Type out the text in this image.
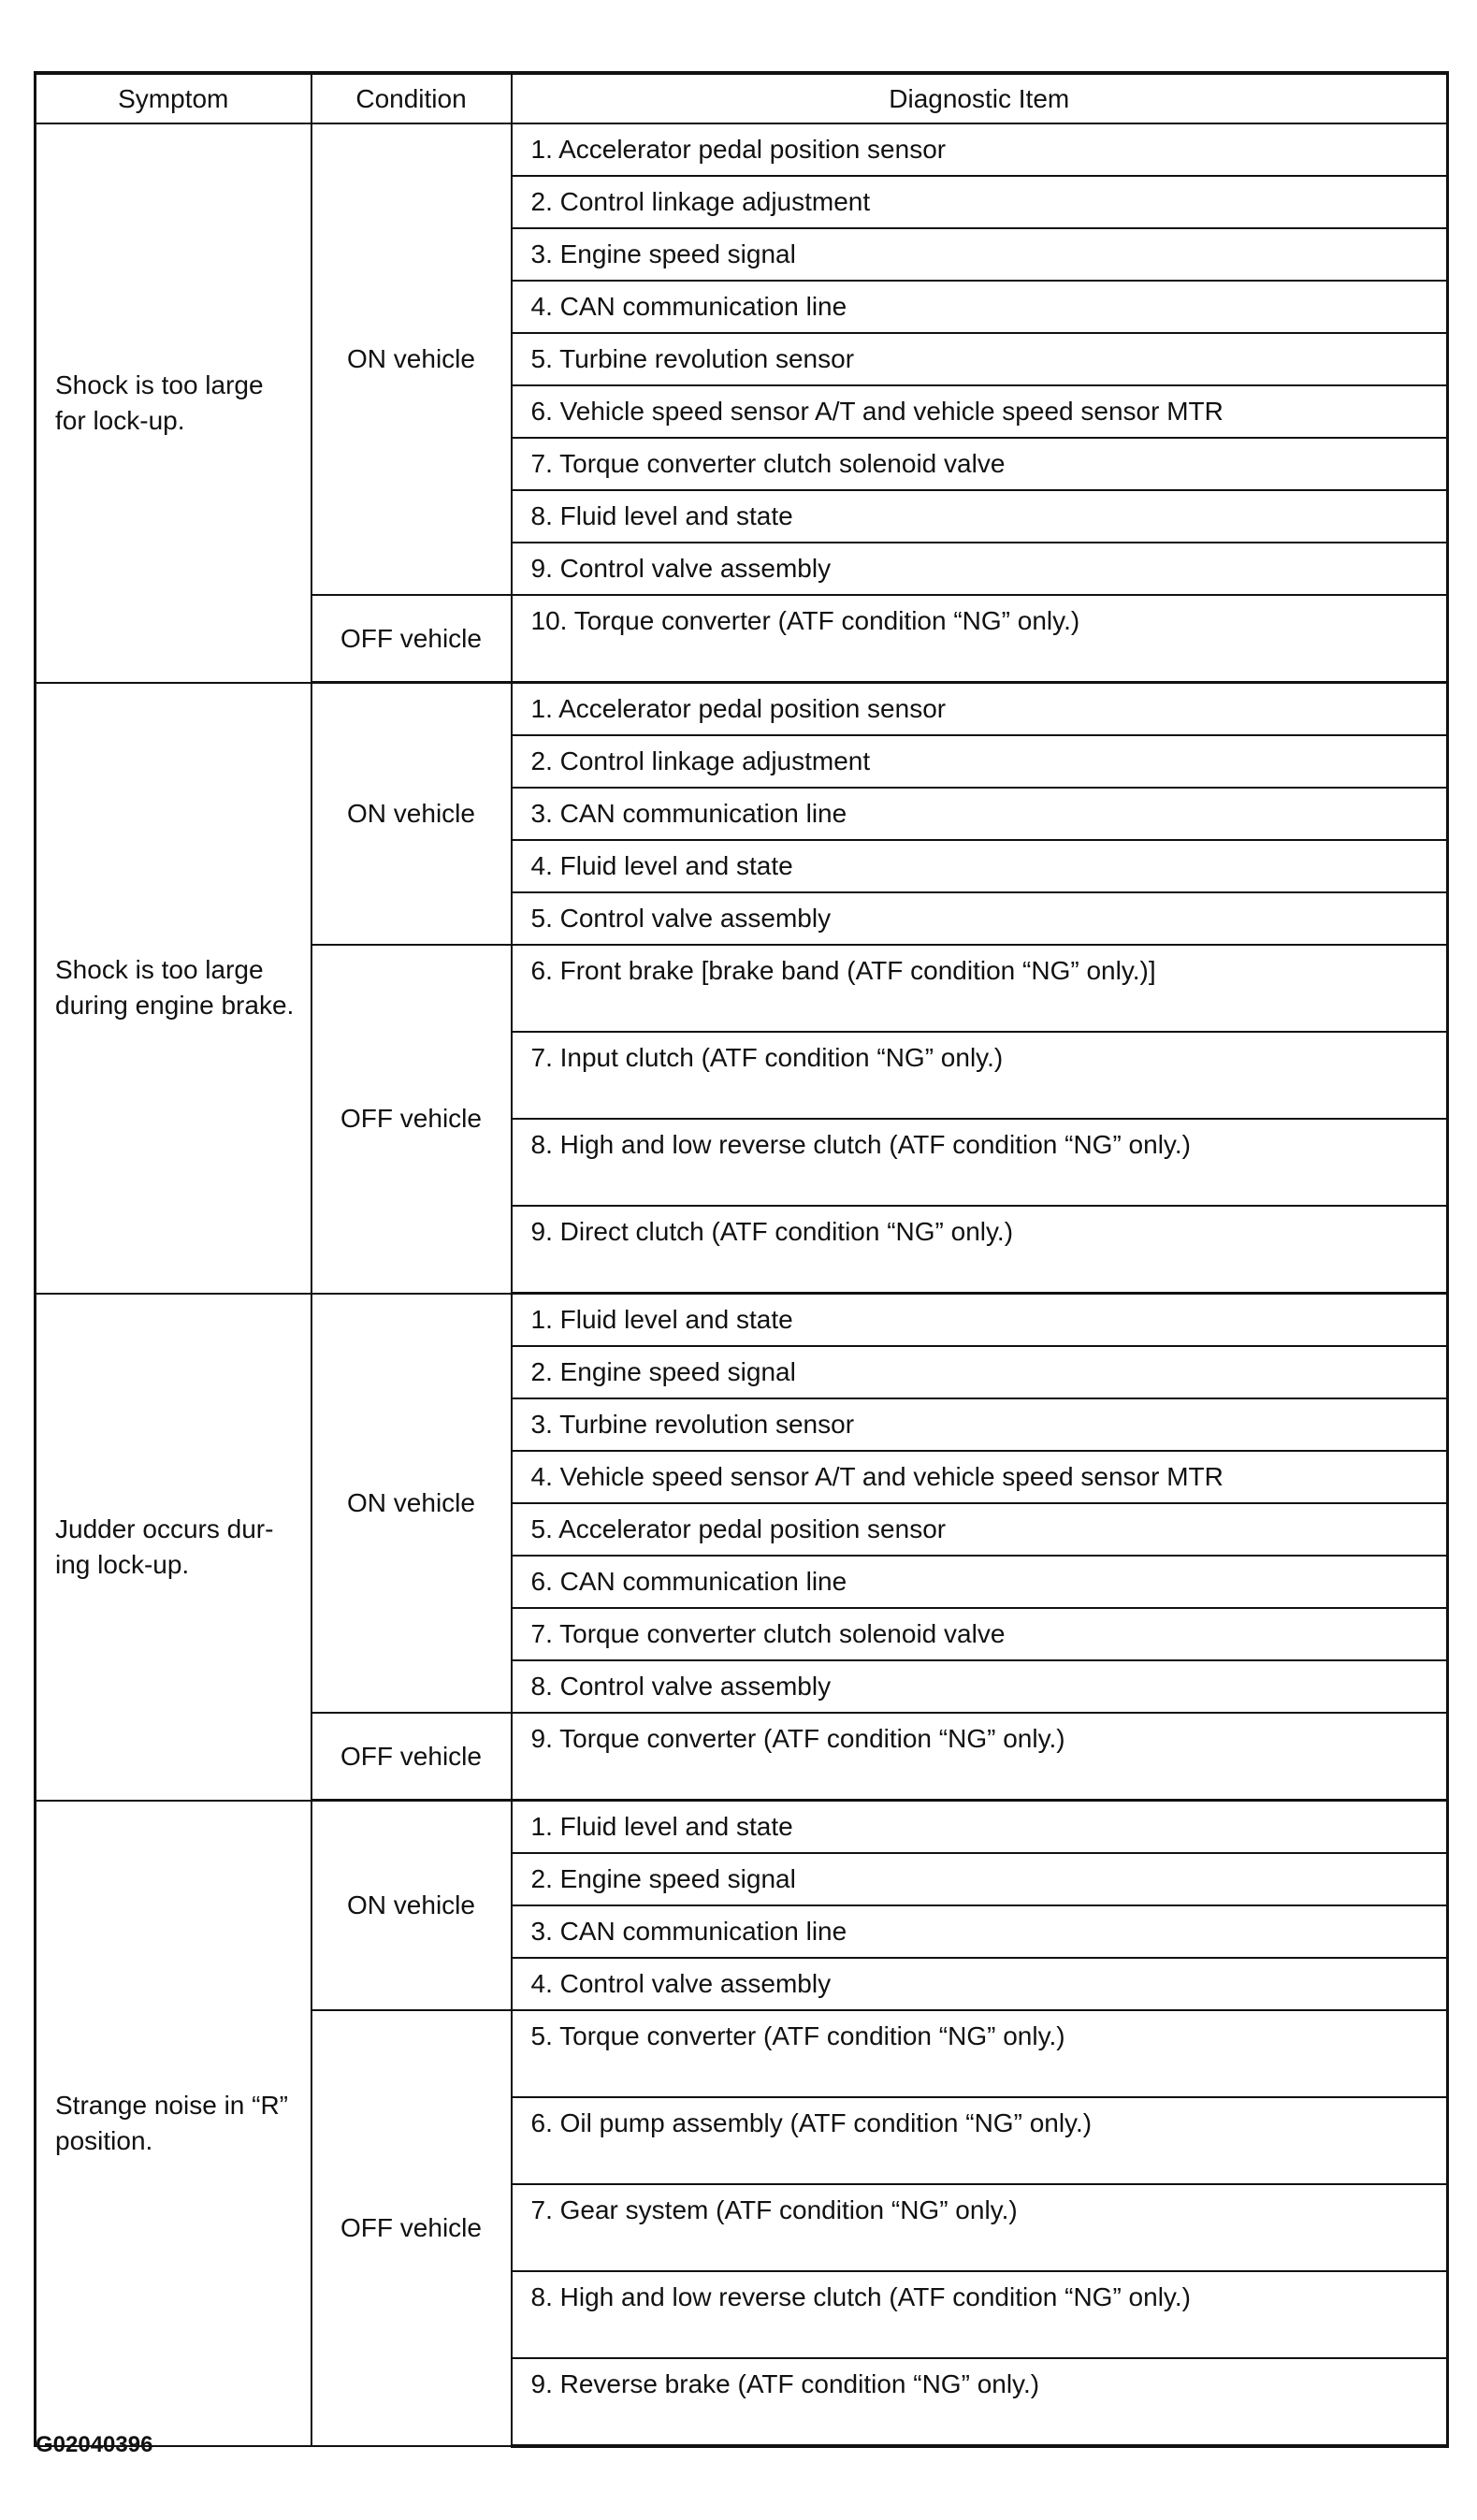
Symptom	Condition	Diagnostic Item
Shock is too large for lock-up.	ON vehicle	1. Accelerator pedal position sensor
		2. Control linkage adjustment
		3. Engine speed signal
		4. CAN communication line
		5. Turbine revolution sensor
		6. Vehicle speed sensor A/T and vehicle speed sensor MTR
		7. Torque converter clutch solenoid valve
		8. Fluid level and state
		9. Control valve assembly
	OFF vehicle	10. Torque converter (ATF condition “NG” only.)
Shock is too large during engine brake.	ON vehicle	1. Accelerator pedal position sensor
		2. Control linkage adjustment
		3. CAN communication line
		4. Fluid level and state
		5. Control valve assembly
	OFF vehicle	6. Front brake [brake band (ATF condition “NG” only.)]
		7. Input clutch (ATF condition “NG” only.)
		8. High and low reverse clutch (ATF condition “NG” only.)
		9. Direct clutch (ATF condition “NG” only.)
Judder occurs dur-ing lock-up.	ON vehicle	1. Fluid level and state
		2. Engine speed signal
		3. Turbine revolution sensor
		4. Vehicle speed sensor A/T and vehicle speed sensor MTR
		5. Accelerator pedal position sensor
		6. CAN communication line
		7. Torque converter clutch solenoid valve
		8. Control valve assembly
	OFF vehicle	9. Torque converter (ATF condition “NG” only.)
Strange noise in “R” position.	ON vehicle	1. Fluid level and state
		2. Engine speed signal
		3. CAN communication line
		4. Control valve assembly
	OFF vehicle	5. Torque converter (ATF condition “NG” only.)
		6. Oil pump assembly (ATF condition “NG” only.)
		7. Gear system (ATF condition “NG” only.)
		8. High and low reverse clutch (ATF condition “NG” only.)
		9. Reverse brake (ATF condition “NG” only.)
G02040396
